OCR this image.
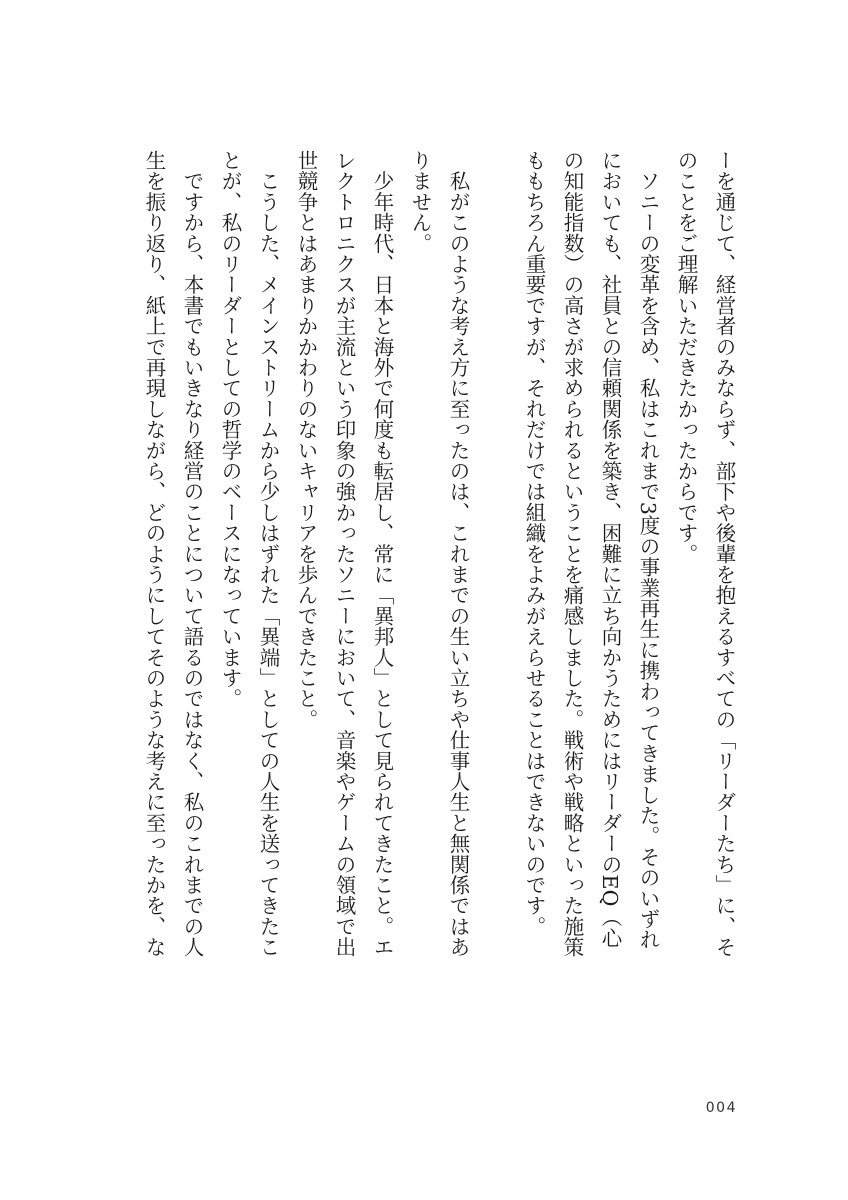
ーを通じて、経営者のみならず、部下や後輩を抱えるすべての「リーダーたち」に、そ
のことをご理解いただきたかったからです。
　ソニーの変革を含め、私はこれまで3度の事業再生に携わってきました。そのいずれ
においても、社員との信頼関係を築き、困難に立ち向かうためにはリーダーのEQ（心
の知能指数）の高さが求められるということを痛感しました。戦術や戦略といった施策
ももちろん重要ですが、それだけでは組織をよみがえらせることはできないのです。
　私がこのような考え方に至ったのは、これまでの生い立ちや仕事人生と無関係ではあ
りません。
　少年時代、日本と海外で何度も転居し、常に「異邦人」として見られてきたこと。エ
レクトロニクスが主流という印象の強かったソニーにおいて、音楽やゲームの領域で出
世競争とはあまりかかわりのないキャリアを歩んできたこと。
　こうした、メインストリームから少しはずれた「異端」としての人生を送ってきたこ
とが、私のリーダーとしての哲学のベースになっています。
　ですから、本書でもいきなり経営のことについて語るのではなく、私のこれまでの人
生を振り返り、紙上で再現しながら、どのようにしてそのような考えに至ったかを、な
004
